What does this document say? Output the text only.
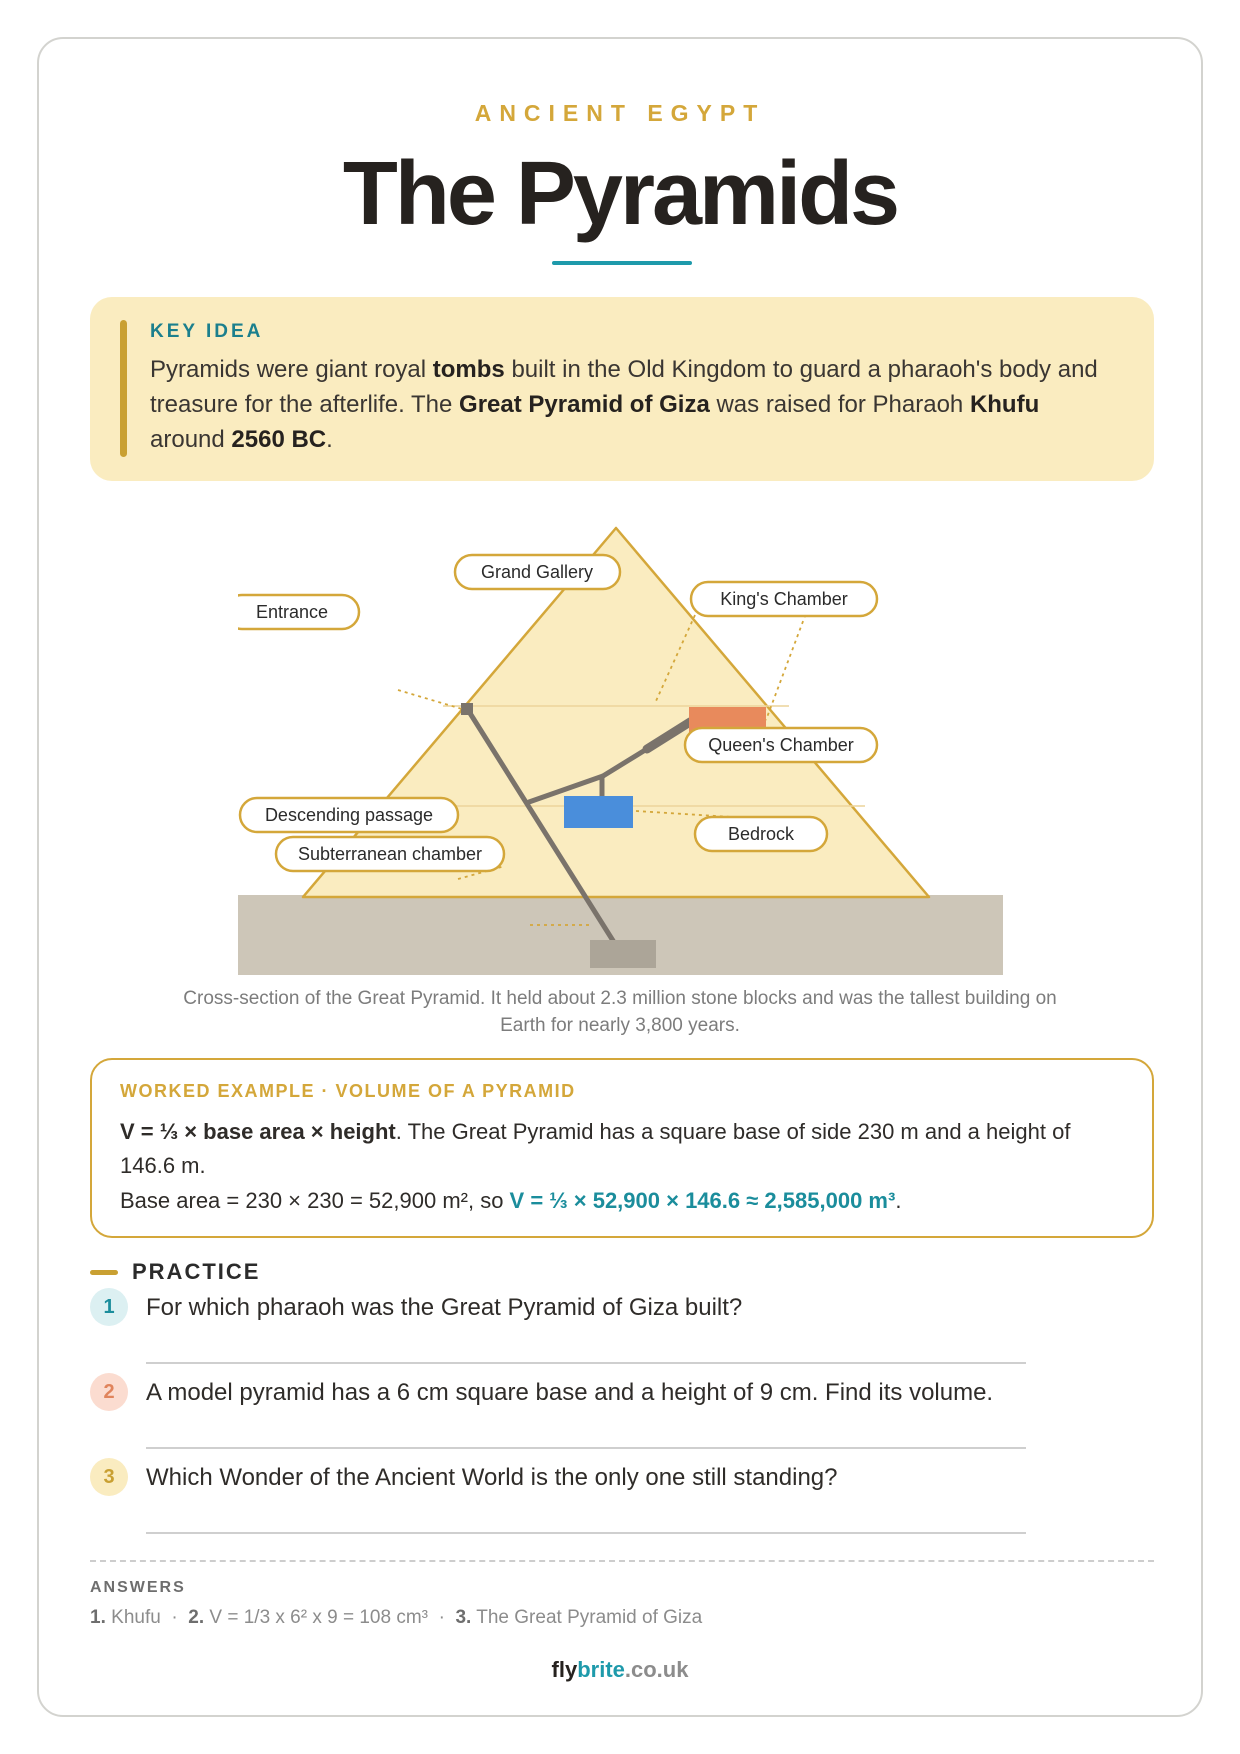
ANCIENT EGYPT
The Pyramids
KEY IDEA
Pyramids were giant royal tombs built in the Old Kingdom to guard a pharaoh's body and treasure for the afterlife. The Great Pyramid of Giza was raised for Pharaoh Khufu around 2560 BC.
Grand Gallery
Entrance
King's Chamber
Queen's Chamber
Descending passage
Bedrock
Subterranean chamber
Cross-section of the Great Pyramid. It held about 2.3 million stone blocks and was the tallest building on Earth for nearly 3,800 years.
WORKED EXAMPLE · VOLUME OF A PYRAMID
V = ⅓ × base area × height. The Great Pyramid has a square base of side 230 m and a height of 146.6 m.
Base area = 230 × 230 = 52,900 m², so V = ⅓ × 52,900 × 146.6 ≈ 2,585,000 m³.
PRACTICE
1	For which pharaoh was the Great Pyramid of Giza built?
2	A model pyramid has a 6 cm square base and a height of 9 cm. Find its volume.
3	Which Wonder of the Ancient World is the only one still standing?
ANSWERS
1. Khufu · 2. V = 1/3 x 6² x 9 = 108 cm³ · 3. The Great Pyramid of Giza
flybrite.co.uk
